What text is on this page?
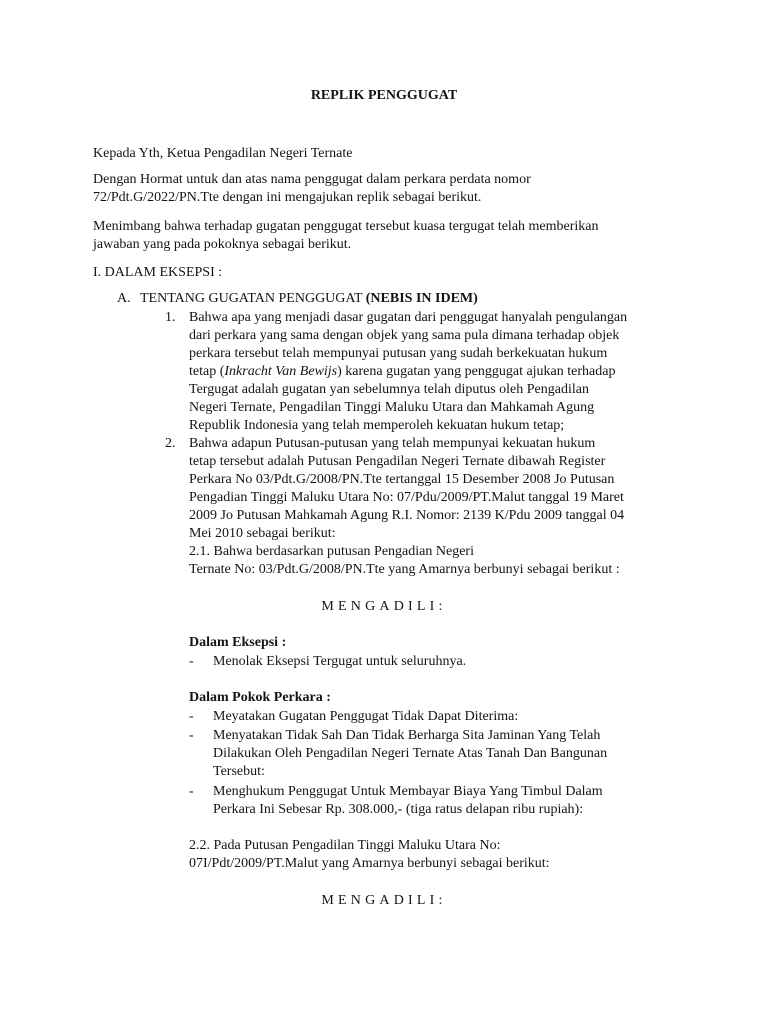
REPLIK PENGGUGAT
Kepada Yth, Ketua Pengadilan Negeri Ternate
Dengan Hormat untuk dan atas nama penggugat dalam perkara perdata nomor
72/Pdt.G/2022/PN.Tte dengan ini mengajukan replik sebagai berikut.
Menimbang bahwa terhadap gugatan penggugat tersebut kuasa tergugat telah memberikan
jawaban yang pada pokoknya sebagai berikut.
I. DALAM EKSEPSI :
A. TENTANG GUGATAN PENGGUGAT (NEBIS IN IDEM)
1. Bahwa apa yang menjadi dasar gugatan dari penggugat hanyalah pengulangan
dari perkara yang sama dengan objek yang sama pula dimana terhadap objek
perkara tersebut telah mempunyai putusan yang sudah berkekuatan hukum
tetap (Inkracht Van Bewijs) karena gugatan yang penggugat ajukan terhadap
Tergugat adalah gugatan yan sebelumnya telah diputus oleh Pengadilan
Negeri Ternate, Pengadilan Tinggi Maluku Utara dan Mahkamah Agung
Republik Indonesia yang telah memperoleh kekuatan hukum tetap;
2. Bahwa adapun Putusan-putusan yang telah mempunyai kekuatan hukum
tetap tersebut adalah Putusan Pengadilan Negeri Ternate dibawah Register
Perkara No 03/Pdt.G/2008/PN.Tte tertanggal 15 Desember 2008 Jo Putusan
Pengadian Tinggi Maluku Utara No: 07/Pdu/2009/PT.Malut tanggal 19 Maret
2009 Jo Putusan Mahkamah Agung R.I. Nomor: 2139 K/Pdu 2009 tanggal 04
Mei 2010 sebagai berikut:
2.1. Bahwa berdasarkan putusan Pengadian Negeri
Ternate No: 03/Pdt.G/2008/PN.Tte yang Amarnya berbunyi sebagai berikut :
MENGADILI:
Dalam Eksepsi :
- Menolak Eksepsi Tergugat untuk seluruhnya.
Dalam Pokok Perkara :
- Meyatakan Gugatan Penggugat Tidak Dapat Diterima:
- Menyatakan Tidak Sah Dan Tidak Berharga Sita Jaminan Yang Telah
Dilakukan Oleh Pengadilan Negeri Ternate Atas Tanah Dan Bangunan
Tersebut:
- Menghukum Penggugat Untuk Membayar Biaya Yang Timbul Dalam
Perkara Ini Sebesar Rp. 308.000,- (tiga ratus delapan ribu rupiah):
2.2. Pada Putusan Pengadilan Tinggi Maluku Utara No:
07I/Pdt/2009/PT.Malut yang Amarnya berbunyi sebagai berikut:
MENGADILI:
